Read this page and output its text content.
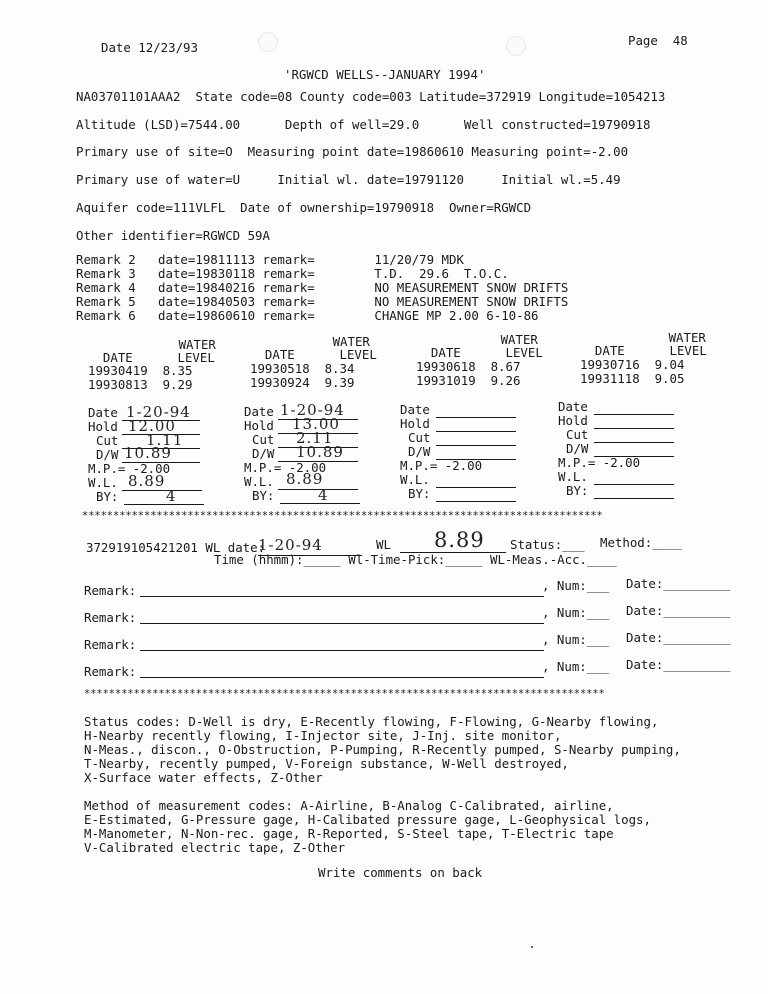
Date 12/23/93	Page  48
'RGWCD WELLS--JANUARY 1994'
NA03701101AAA2  State code=08 County code=003 Latitude=372919 Longitude=1054213
Altitude (LSD)=7544.00      Depth of well=29.0      Well constructed=19790918
Primary use of site=O  Measuring point date=19860610 Measuring point=-2.00
Primary use of water=U     Initial wl. date=19791120     Initial wl.=5.49
Aquifer code=111VLFL  Date of ownership=19790918  Owner=RGWCD
Other identifier=RGWCD 59A
Remark 2   date=19811113 remark=        11/20/79 MDK
Remark 3   date=19830118 remark=        T.D.  29.6  T.O.C.
Remark 4   date=19840216 remark=        NO MEASUREMENT SNOW DRIFTS
Remark 5   date=19840503 remark=        NO MEASUREMENT SNOW DRIFTS
Remark 6   date=19860610 remark=        CHANGE MP 2.00 6-10-86
WATER
DATE      LEVEL
19930419  8.35
19930813  9.29
WATER
DATE      LEVEL
19930518  8.34
19930924  9.39
WATER
DATE      LEVEL
19930618  8.67
19931019  9.26
WATER
DATE      LEVEL
19930716  9.04
19931118  9.05
Date 1-20-94
Hold 12.00
Cut 1.11
D/W 10.89
M.P.= -2.00
W.L. 8.89
BY:	4
Date 1-20-94
Hold 13.00
Cut 2.11
D/W 10.89
M.P.= -2.00
W.L. 8.89
BY:	4
Date
Hold
Cut
D/W
M.P.= -2.00
W.L.
BY:
Date
Hold
Cut
D/W
M.P.= -2.00
W.L.
BY:
************************************************************************************
372919105421201 WL date:
1-20-94	WL 8.89 Status:___ Method:____
Time (hhmm):_____ Wl-Time-Pick:_____ WL-Meas.-Acc.____
Remark:	, Num:___ Date:_________
Remark:	, Num:___ Date:_________
Remark:	, Num:___ Date:_________
Remark:	, Num:___ Date:_________
************************************************************************************
Status codes: D-Well is dry, E-Recently flowing, F-Flowing, G-Nearby flowing,
H-Nearby recently flowing, I-Injector site, J-Inj. site monitor,
N-Meas., discon., O-Obstruction, P-Pumping, R-Recently pumped, S-Nearby pumping,
T-Nearby, recently pumped, V-Foreign substance, W-Well destroyed,
X-Surface water effects, Z-Other
Method of measurement codes: A-Airline, B-Analog C-Calibrated, airline,
E-Estimated, G-Pressure gage, H-Calibated pressure gage, L-Geophysical logs,
M-Manometer, N-Non-rec. gage, R-Reported, S-Steel tape, T-Electric tape
V-Calibrated electric tape, Z-Other
Write comments on back
